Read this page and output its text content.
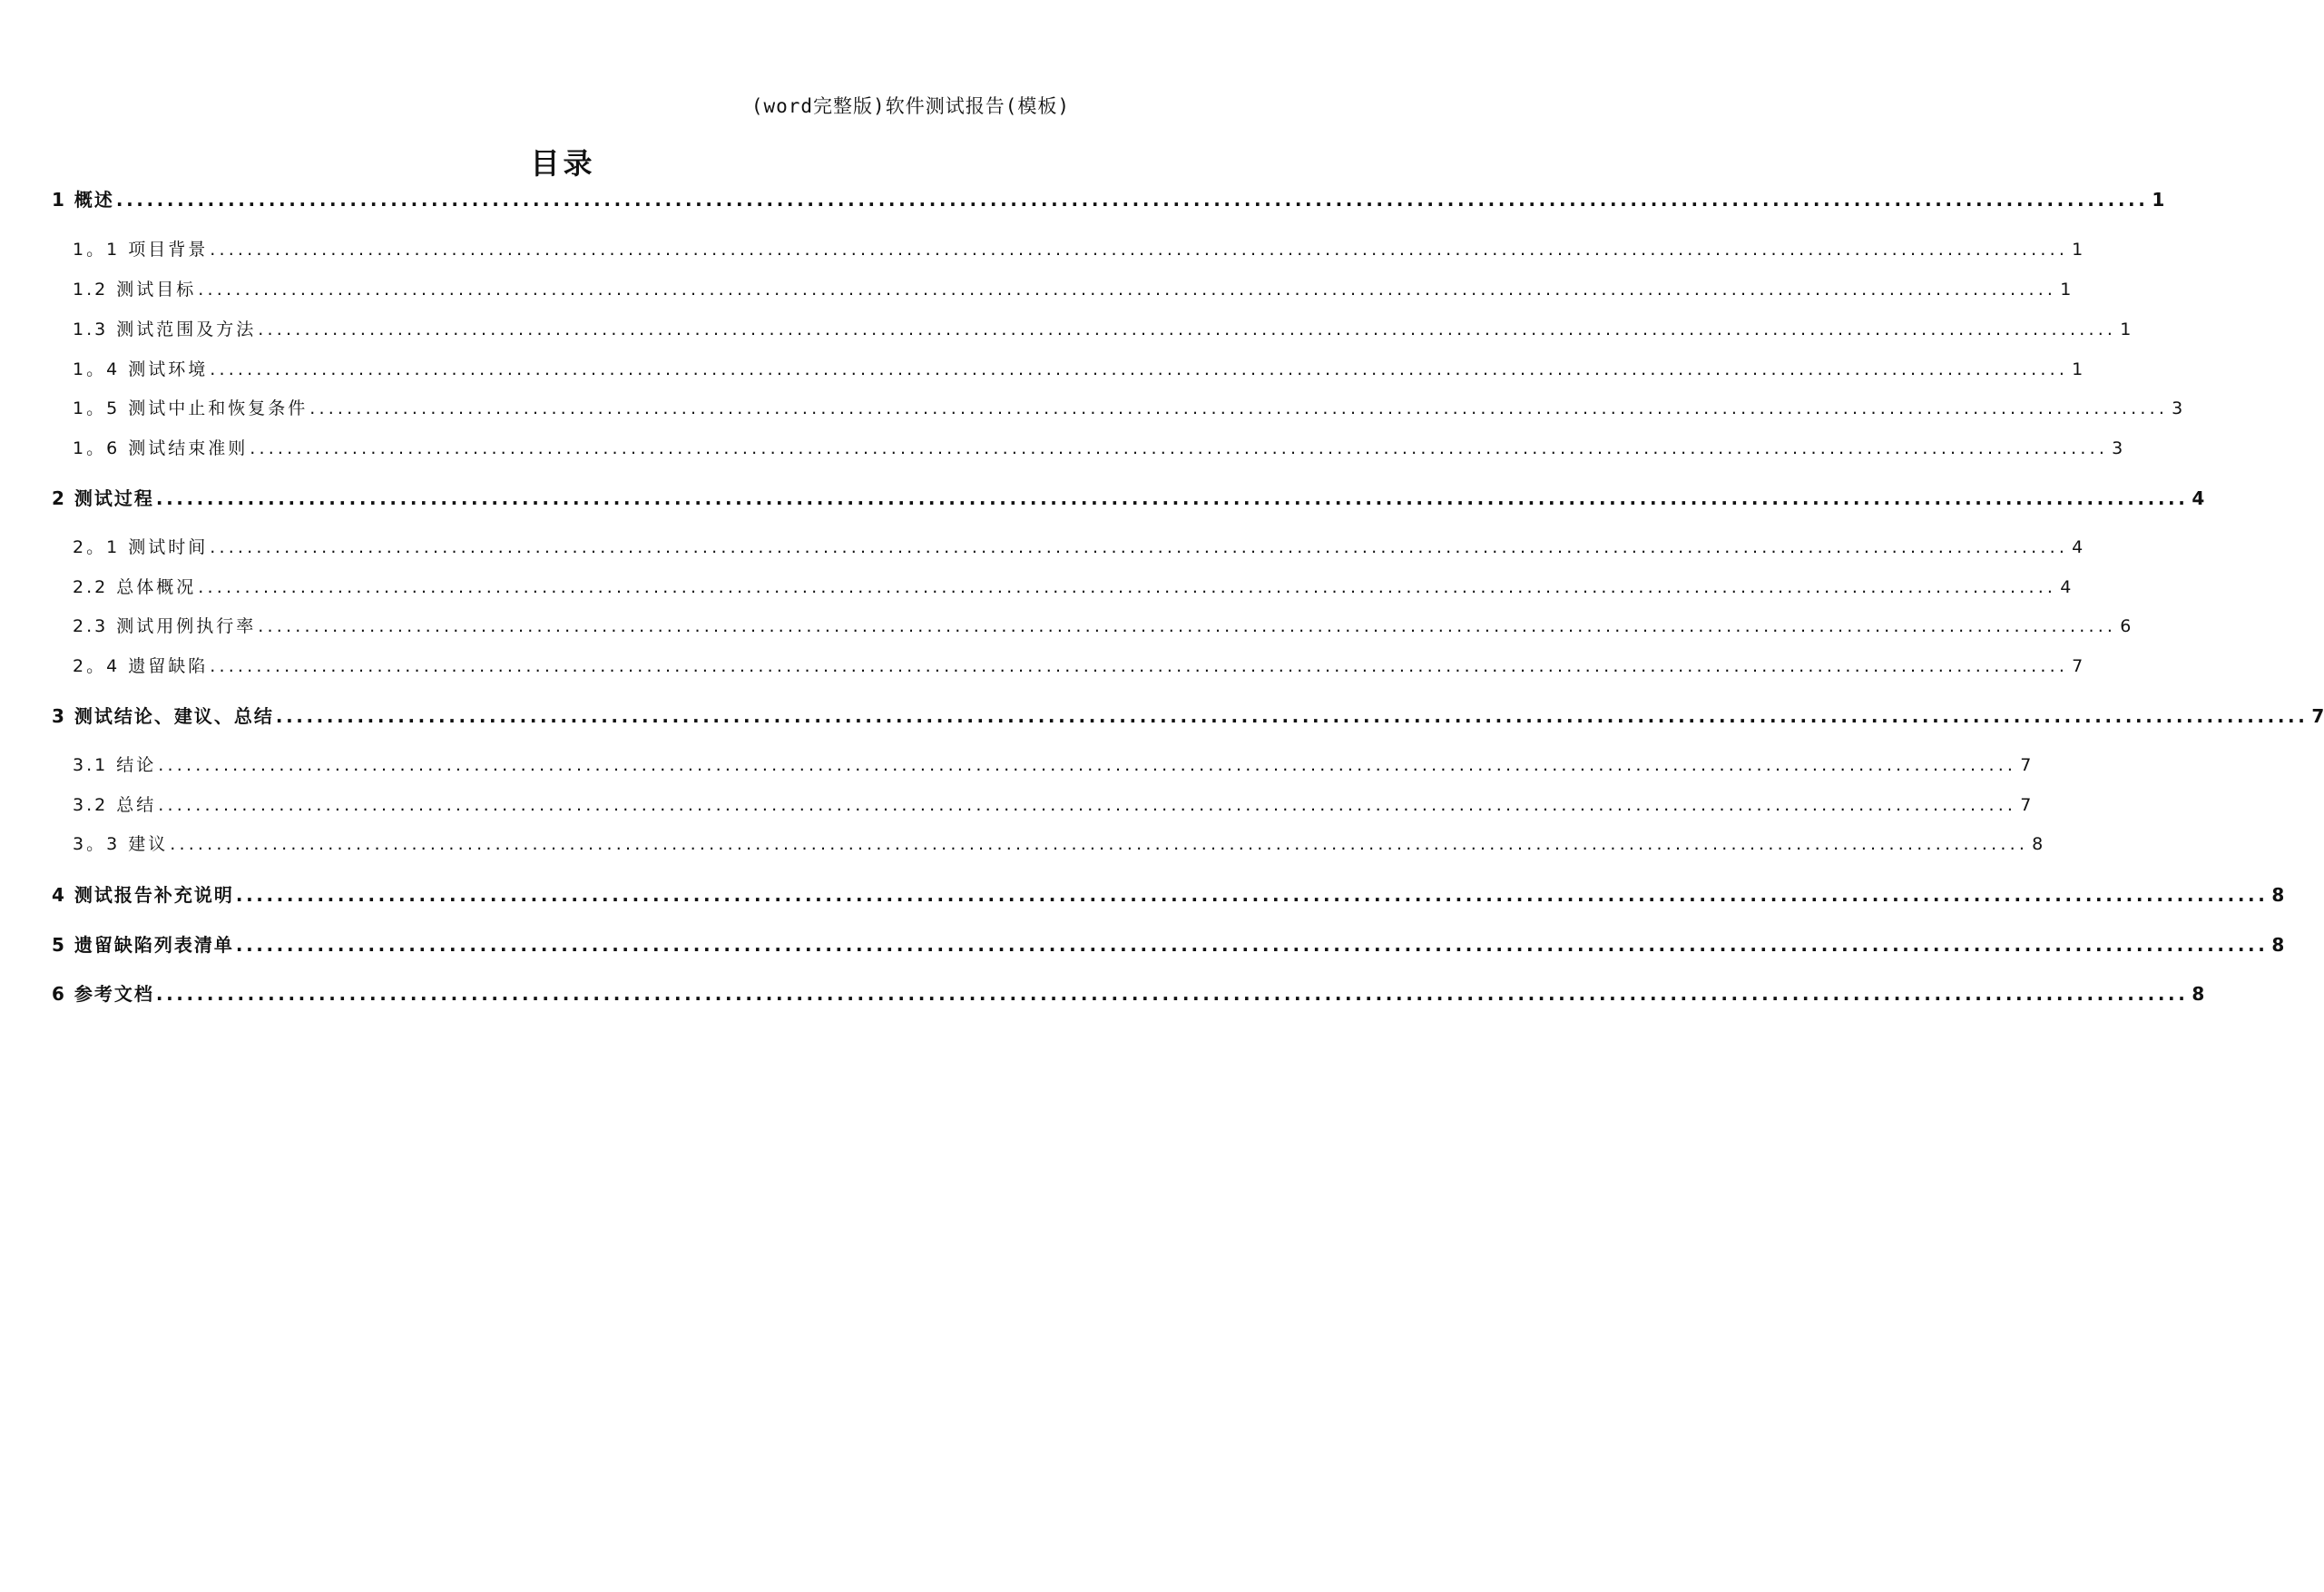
(word完整版)软件测试报告(模板)
目录
1 概述 ........................................................................................................................................................................................................ 1
1。1 项目背景 ........................................................................................................................................................................................................ 1
1.2 测试目标 ........................................................................................................................................................................................................ 1
1.3 测试范围及方法 ........................................................................................................................................................................................................ 1
1。4 测试环境 ........................................................................................................................................................................................................ 1
1。5 测试中止和恢复条件 ........................................................................................................................................................................................................ 3
1。6 测试结束准则 ........................................................................................................................................................................................................ 3
2 测试过程 ........................................................................................................................................................................................................ 4
2。1 测试时间 ........................................................................................................................................................................................................ 4
2.2 总体概况 ........................................................................................................................................................................................................ 4
2.3 测试用例执行率 ........................................................................................................................................................................................................ 6
2。4 遗留缺陷 ........................................................................................................................................................................................................ 7
3 测试结论、建议、总结 ........................................................................................................................................................................................................ 7
3.1 结论 ........................................................................................................................................................................................................ 7
3.2 总结 ........................................................................................................................................................................................................ 7
3。3 建议 ........................................................................................................................................................................................................ 8
4 测试报告补充说明 ........................................................................................................................................................................................................ 8
5 遗留缺陷列表清单 ........................................................................................................................................................................................................ 8
6 参考文档 ........................................................................................................................................................................................................ 8
